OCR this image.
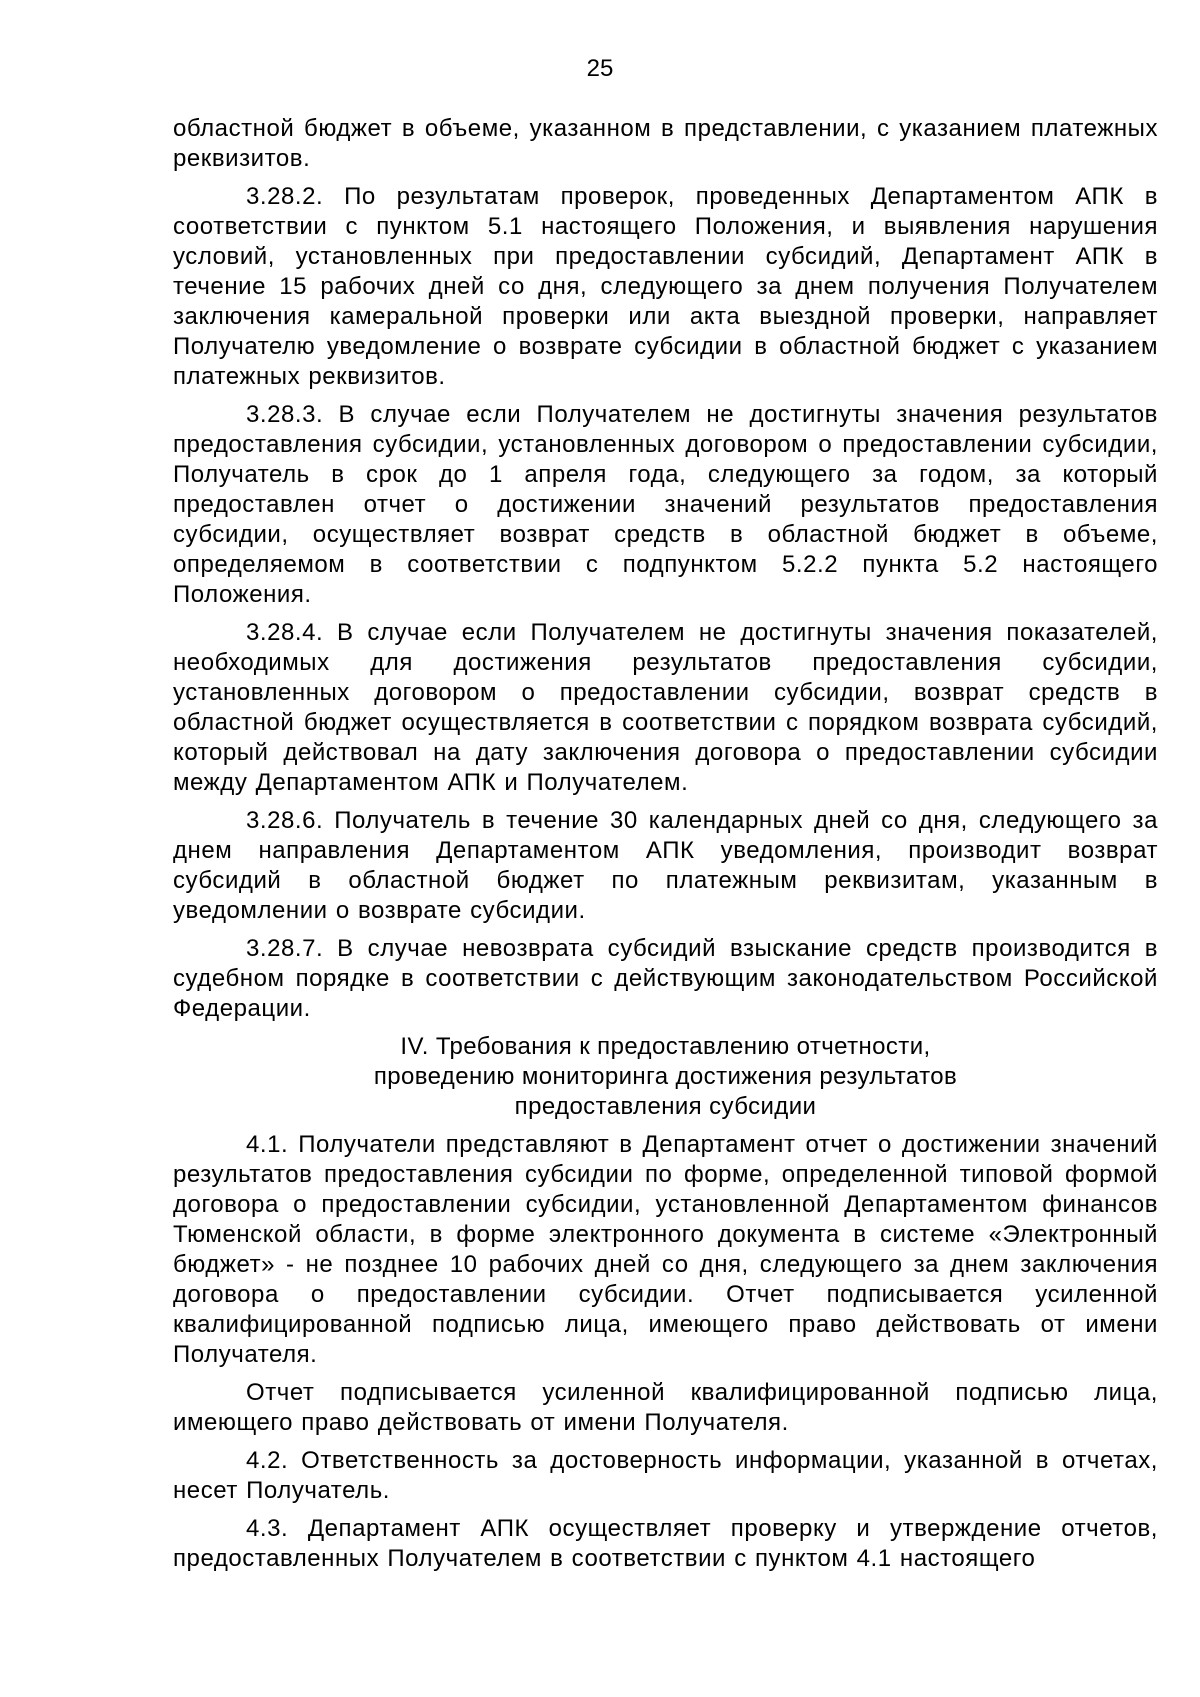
25

областной бюджет в объеме, указанном в представлении, с указанием платежных реквизитов.

3.28.2. По результатам проверок, проведенных Департаментом АПК в соответствии с пунктом 5.1 настоящего Положения, и выявления нарушения условий, установленных при предоставлении субсидий, Департамент АПК в течение 15 рабочих дней со дня, следующего за днем получения Получателем заключения камеральной проверки или акта выездной проверки, направляет Получателю уведомление о возврате субсидии в областной бюджет с указанием платежных реквизитов.

3.28.3. В случае если Получателем не достигнуты значения результатов предоставления субсидии, установленных договором о предоставлении субсидии, Получатель в срок до 1 апреля года, следующего за годом, за который предоставлен отчет о достижении значений результатов предоставления субсидии, осуществляет возврат средств в областной бюджет в объеме, определяемом в соответствии с подпунктом 5.2.2 пункта 5.2 настоящего Положения.

3.28.4. В случае если Получателем не достигнуты значения показателей, необходимых для достижения результатов предоставления субсидии, установленных договором о предоставлении субсидии, возврат средств в областной бюджет осуществляется в соответствии с порядком возврата субсидий, который действовал на дату заключения договора о предоставлении субсидии между Департаментом АПК и Получателем.

3.28.6. Получатель в течение 30 календарных дней со дня, следующего за днем направления Департаментом АПК уведомления, производит возврат субсидий в областной бюджет по платежным реквизитам, указанным в уведомлении о возврате субсидии.

3.28.7. В случае невозврата субсидий взыскание средств производится в судебном порядке в соответствии с действующим законодательством Российской Федерации.

IV. Требования к предоставлению отчетности,
проведению мониторинга достижения результатов
предоставления субсидии

4.1. Получатели представляют в Департамент отчет о достижении значений результатов предоставления субсидии по форме, определенной типовой формой договора о предоставлении субсидии, установленной Департаментом финансов Тюменской области, в форме электронного документа в системе «Электронный бюджет» - не позднее 10 рабочих дней со дня, следующего за днем заключения договора о предоставлении субсидии. Отчет подписывается усиленной квалифицированной подписью лица, имеющего право действовать от имени Получателя.

Отчет подписывается усиленной квалифицированной подписью лица, имеющего право действовать от имени Получателя.

4.2. Ответственность за достоверность информации, указанной в отчетах, несет Получатель.

4.3. Департамент АПК осуществляет проверку и утверждение отчетов, предоставленных Получателем в соответствии с пунктом 4.1 настоящего
